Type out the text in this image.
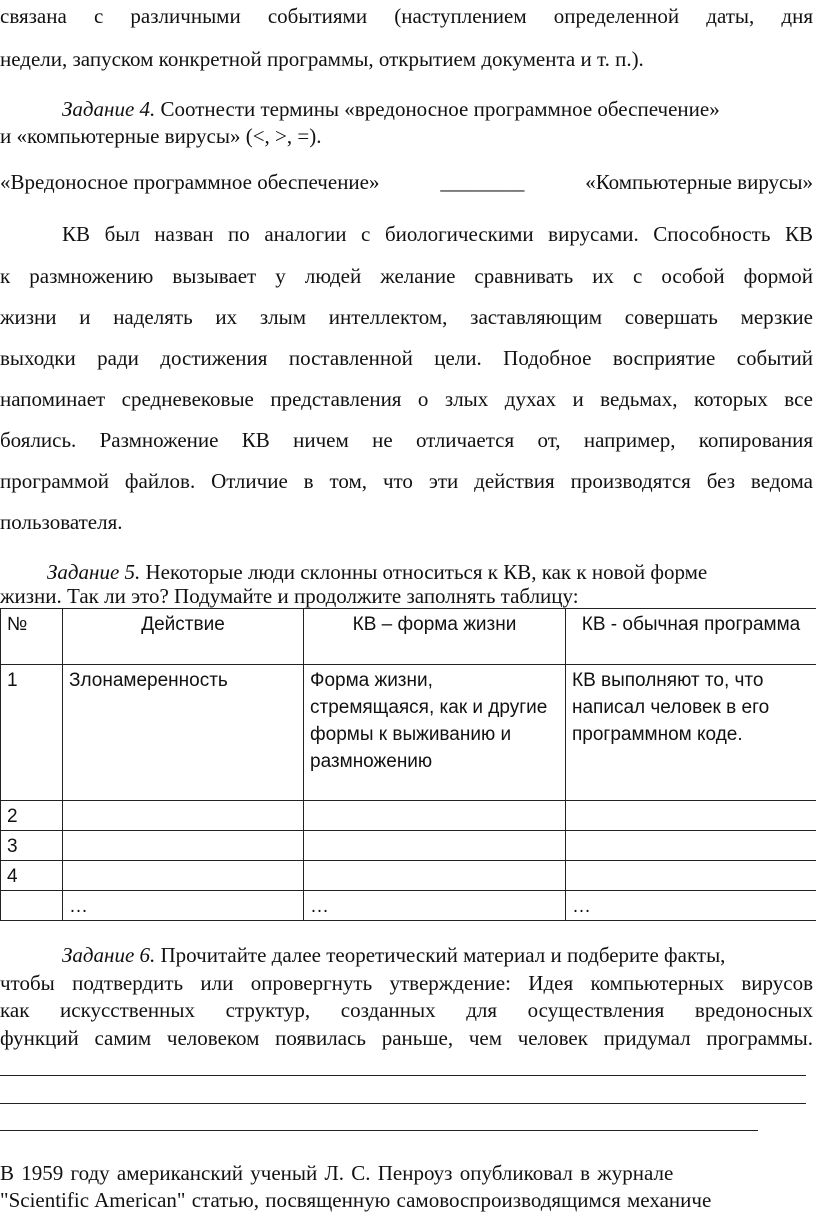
связана с различными событиями (наступлением определенной даты, дня
недели, запуском конкретной программы, открытием документа и т. п.).
Задание 4. Соотнести термины «вредоносное программное обеспечение»
и «компьютерные вирусы» (<, >, =).
«Вредоносное программное обеспечение»	________	«Компьютерные вирусы»
КВ был назван по аналогии с биологическими вирусами. Способность КВ
к размножению вызывает у людей желание сравнивать их с особой формой
жизни и наделять их злым интеллектом, заставляющим совершать мерзкие
выходки ради достижения поставленной цели. Подобное восприятие событий
напоминает средневековые представления о злых духах и ведьмах, которых все
боялись. Размножение КВ ничем не отличается от, например, копирования
программой файлов. Отличие в том, что эти действия производятся без ведома
пользователя.
Задание 5. Некоторые люди склонны относиться к КВ, как к новой форме
жизни. Так ли это? Подумайте и продолжите заполнять таблицу:
№	Действие	КВ – форма жизни	КВ - обычная программа
1	Злонамеренность	Форма жизни, стремящаяся, как и другие формы к выживанию и размножению	КВ выполняют то, что написал человек в его программном коде.
2			
3			
4			
	…	…	…
Задание 6. Прочитайте далее теоретический материал и подберите факты,
чтобы подтвердить или опровергнуть утверждение: Идея компьютерных вирусов
как искусственных структур, созданных для осуществления вредоносных
функций самим человеком появилась раньше, чем человек придумал программы.
В 1959 году американский ученый Л. С. Пенроуз опубликовал в журнале
"Scientific American" статью, посвященную самовоспроизводящимся механиче
